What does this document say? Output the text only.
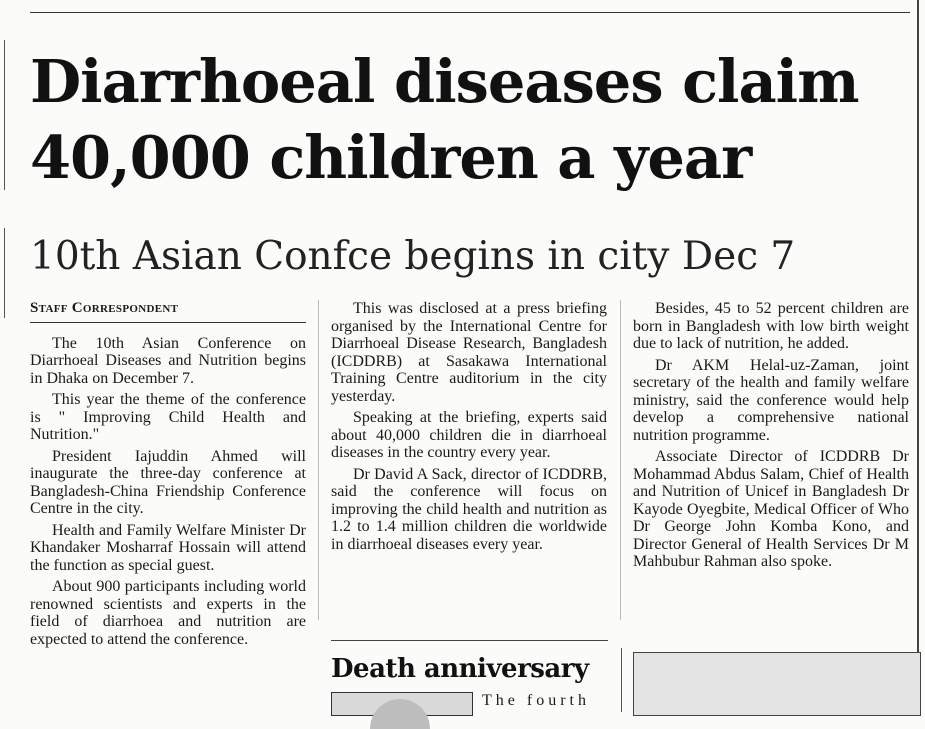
Diarrhoeal diseases claim 40,000 children a year
10th Asian Confce begins in city Dec 7

Staff Correspondent

The 10th Asian Conference on Diarrhoeal Diseases and Nutrition begins in Dhaka on December 7.

This year the theme of the conference is " Improving Child Health and Nutrition."

President Iajuddin Ahmed will inaugurate the three-day conference at Bangladesh-China Friendship Conference Centre in the city.

Health and Family Welfare Minister Dr Khandaker Mosharraf Hossain will attend the function as special guest.

About 900 participants including world renowned scientists and experts in the field of diarrhoea and nutrition are expected to attend the conference.

This was disclosed at a press briefing organised by the International Centre for Diarrhoeal Disease Research, Bangladesh (ICDDRB) at Sasakawa International Training Centre auditorium in the city yesterday.

Speaking at the briefing, experts said about 40,000 children die in diarrhoeal diseases in the country every year.

Dr David A Sack, director of ICDDRB, said the conference will focus on improving the child health and nutrition as 1.2 to 1.4 million children die worldwide in diarrhoeal diseases every year.

Besides, 45 to 52 percent children are born in Bangladesh with low birth weight due to lack of nutrition, he added.

Dr AKM Helal-uz-Zaman, joint secretary of the health and family welfare ministry, said the conference would help develop a comprehensive national nutrition programme.

Associate Director of ICDDRB Dr Mohammad Abdus Salam, Chief of Health and Nutrition of Unicef in Bangladesh Dr Kayode Oyegbite, Medical Officer of Who Dr George John Komba Kono, and Director General of Health Services Dr M Mahbubur Rahman also spoke.

Death anniversary
The fourth
